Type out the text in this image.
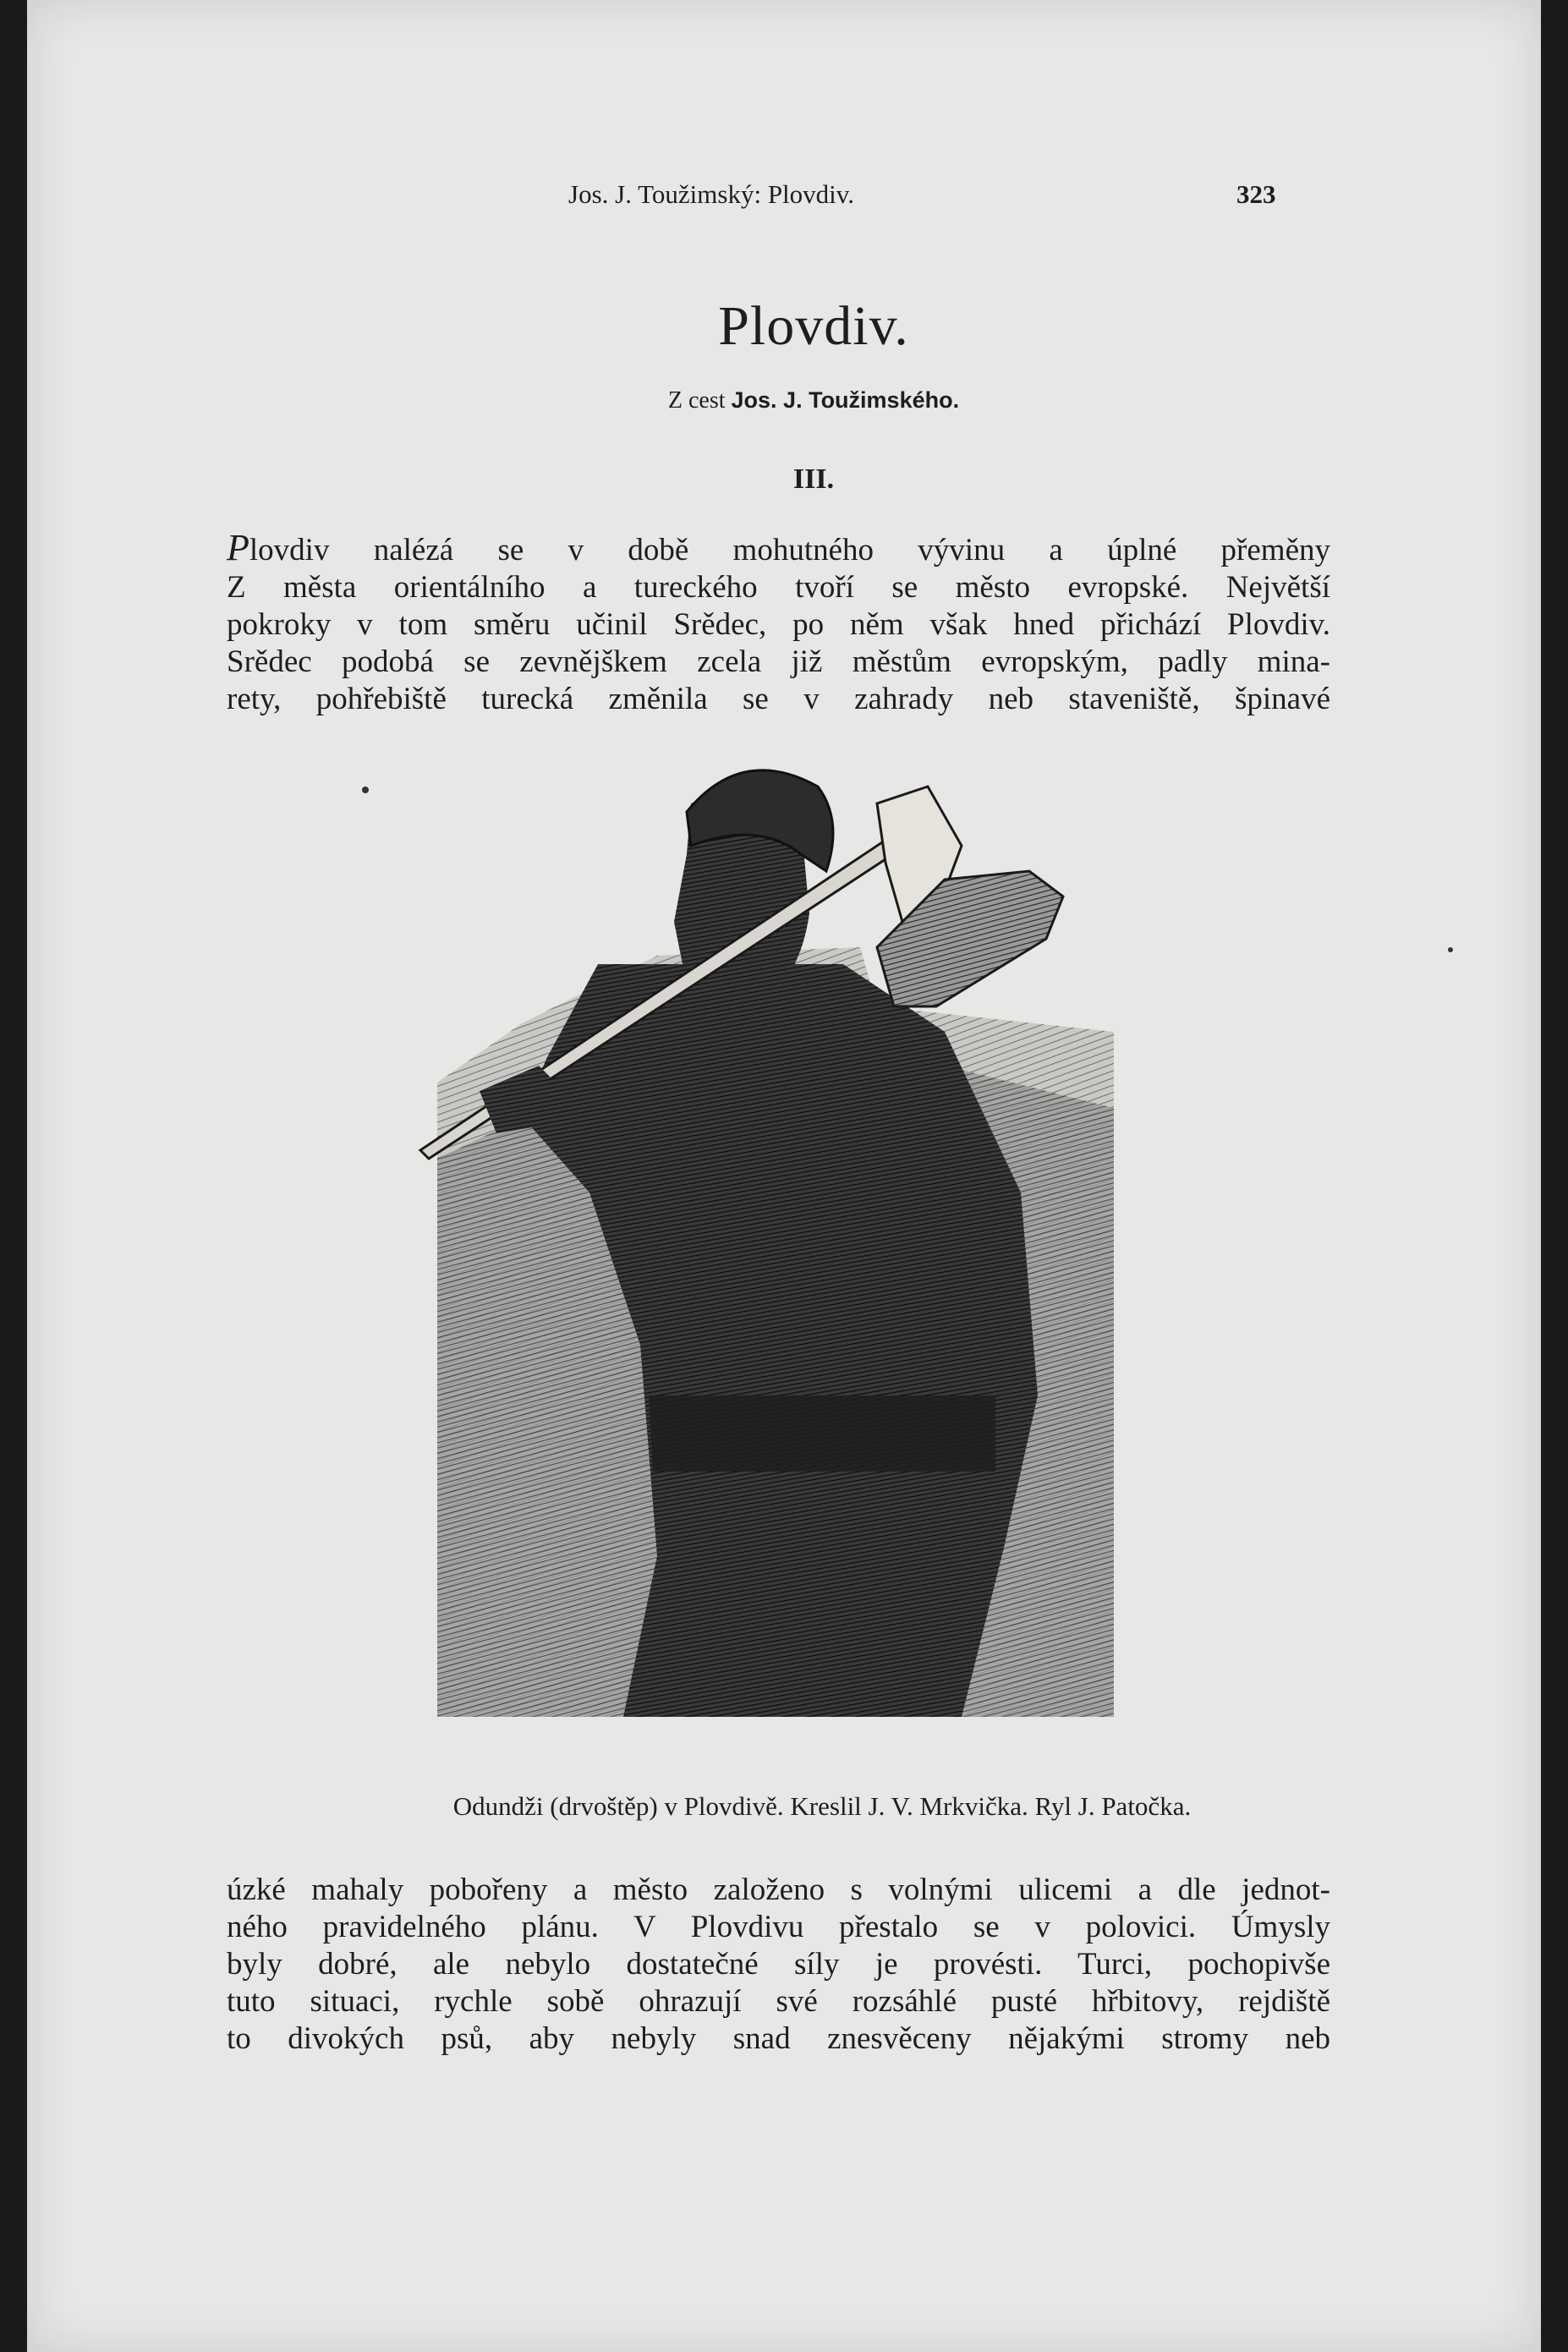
Jos. J. Toužimský: Plovdiv.	323
Plovdiv.
Z cest Jos. J. Toužimského.
III.
Plovdiv nalézá se v době mohutného vývinu a úplné přeměny
Z města orientálního a tureckého tvoří se město evropské. Největší
pokroky v tom směru učinil Srědec, po něm však hned přichází Plovdiv.
Srědec podobá se zevnějškem zcela již městům evropským, padly mina-
rety, pohřebiště turecká změnila se v zahrady neb staveniště, špinavé
Odundži (drvoštěp) v Plovdivě. Kreslil J. V. Mrkvička. Ryl J. Patočka.
úzké mahaly pobořeny a město založeno s volnými ulicemi a dle jednot-
ného pravidelného plánu. V Plovdivu přestalo se v polovici. Úmysly
byly dobré, ale nebylo dostatečné síly je provésti. Turci, pochopivše
tuto situaci, rychle sobě ohrazují své rozsáhlé pusté hřbitovy, rejdiště
to divokých psů, aby nebyly snad znesvěceny nějakými stromy neb
